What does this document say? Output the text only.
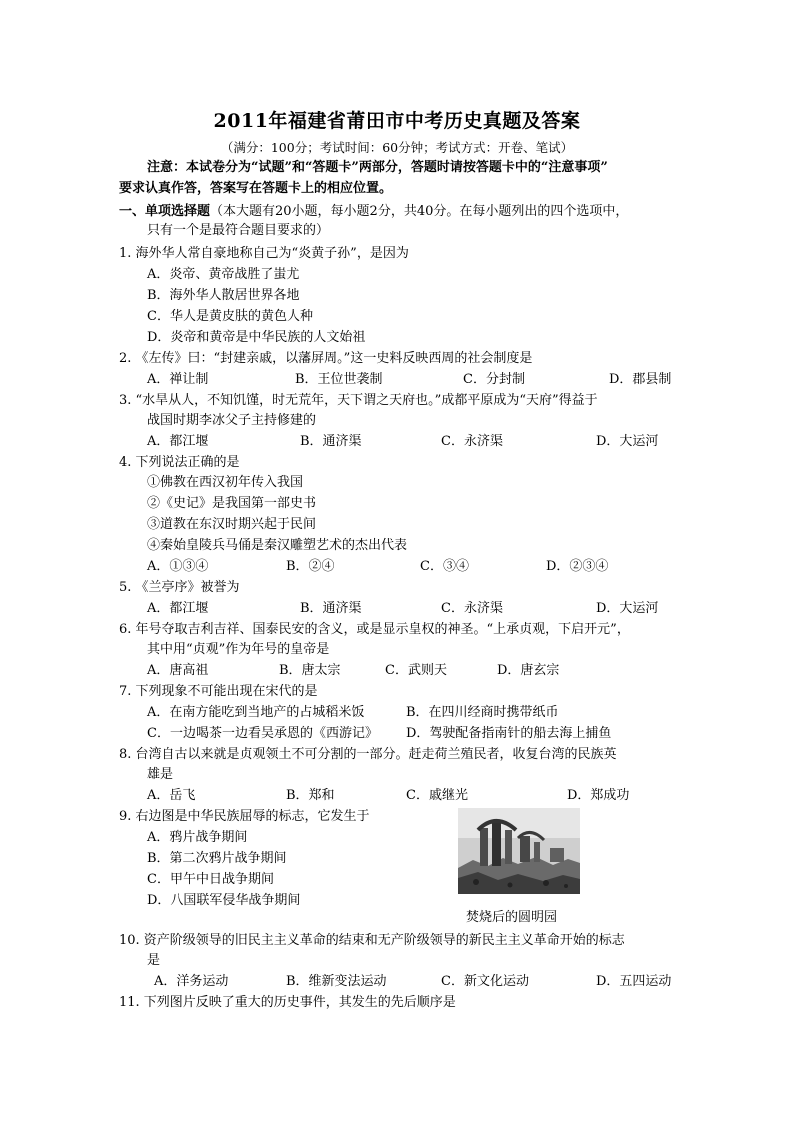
2011年福建省莆田市中考历史真题及答案
（满分：100分；考试时间：60分钟；考试方式：开卷、笔试）
注意：本试卷分为“试题”和“答题卡”两部分，答题时请按答题卡中的“注意事项”
要求认真作答，答案写在答题卡上的相应位置。
一、单项选择题（本大题有20小题，每小题2分，共40分。在每小题列出的四个选项中，
只有一个是最符合题目要求的）
1. 海外华人常自豪地称自己为“炎黄子孙”，是因为
A．炎帝、黄帝战胜了蚩尤
B．海外华人散居世界各地
C．华人是黄皮肤的黄色人种
D．炎帝和黄帝是中华民族的人文始祖
2. 《左传》曰：“封建亲戚，以藩屏周。”这一史料反映西周的社会制度是
A．禅让制	B．王位世袭制	C．分封制	D．郡县制
3. “水旱从人，不知饥馑，时无荒年，天下谓之天府也。”成都平原成为“天府”得益于
战国时期李冰父子主持修建的
A．都江堰	B．通济渠	C．永济渠	D．大运河
4. 下列说法正确的是
①佛教在西汉初年传入我国
②《史记》是我国第一部史书
③道教在东汉时期兴起于民间
④秦始皇陵兵马俑是秦汉雕塑艺术的杰出代表
A．①③④	B．②④	C．③④	D．②③④
5. 《兰亭序》被誉为
A．都江堰	B．通济渠	C．永济渠	D．大运河
6. 年号夺取吉利吉祥、国泰民安的含义，或是显示皇权的神圣。“上承贞观，下启开元”，
其中用“贞观”作为年号的皇帝是
A．唐高祖	B．唐太宗	C．武则天	D．唐玄宗
7. 下列现象不可能出现在宋代的是
A．在南方能吃到当地产的占城稻米饭	B．在四川经商时携带纸币
C．一边喝茶一边看吴承恩的《西游记》 D．驾驶配备指南针的船去海上捕鱼
8. 台湾自古以来就是贞观领土不可分割的一部分。赶走荷兰殖民者，收复台湾的民族英
雄是
A．岳飞	B．郑和	C．戚继光	D．郑成功
9. 右边图是中华民族屈辱的标志，它发生于
A．鸦片战争期间
B．第二次鸦片战争期间
C．甲午中日战争期间
D．八国联军侵华战争期间
焚烧后的圆明园
10. 资产阶级领导的旧民主主义革命的结束和无产阶级领导的新民主主义革命开始的标志
是
A．洋务运动	B．维新变法运动	C．新文化运动	D．五四运动
11. 下列图片反映了重大的历史事件，其发生的先后顺序是
